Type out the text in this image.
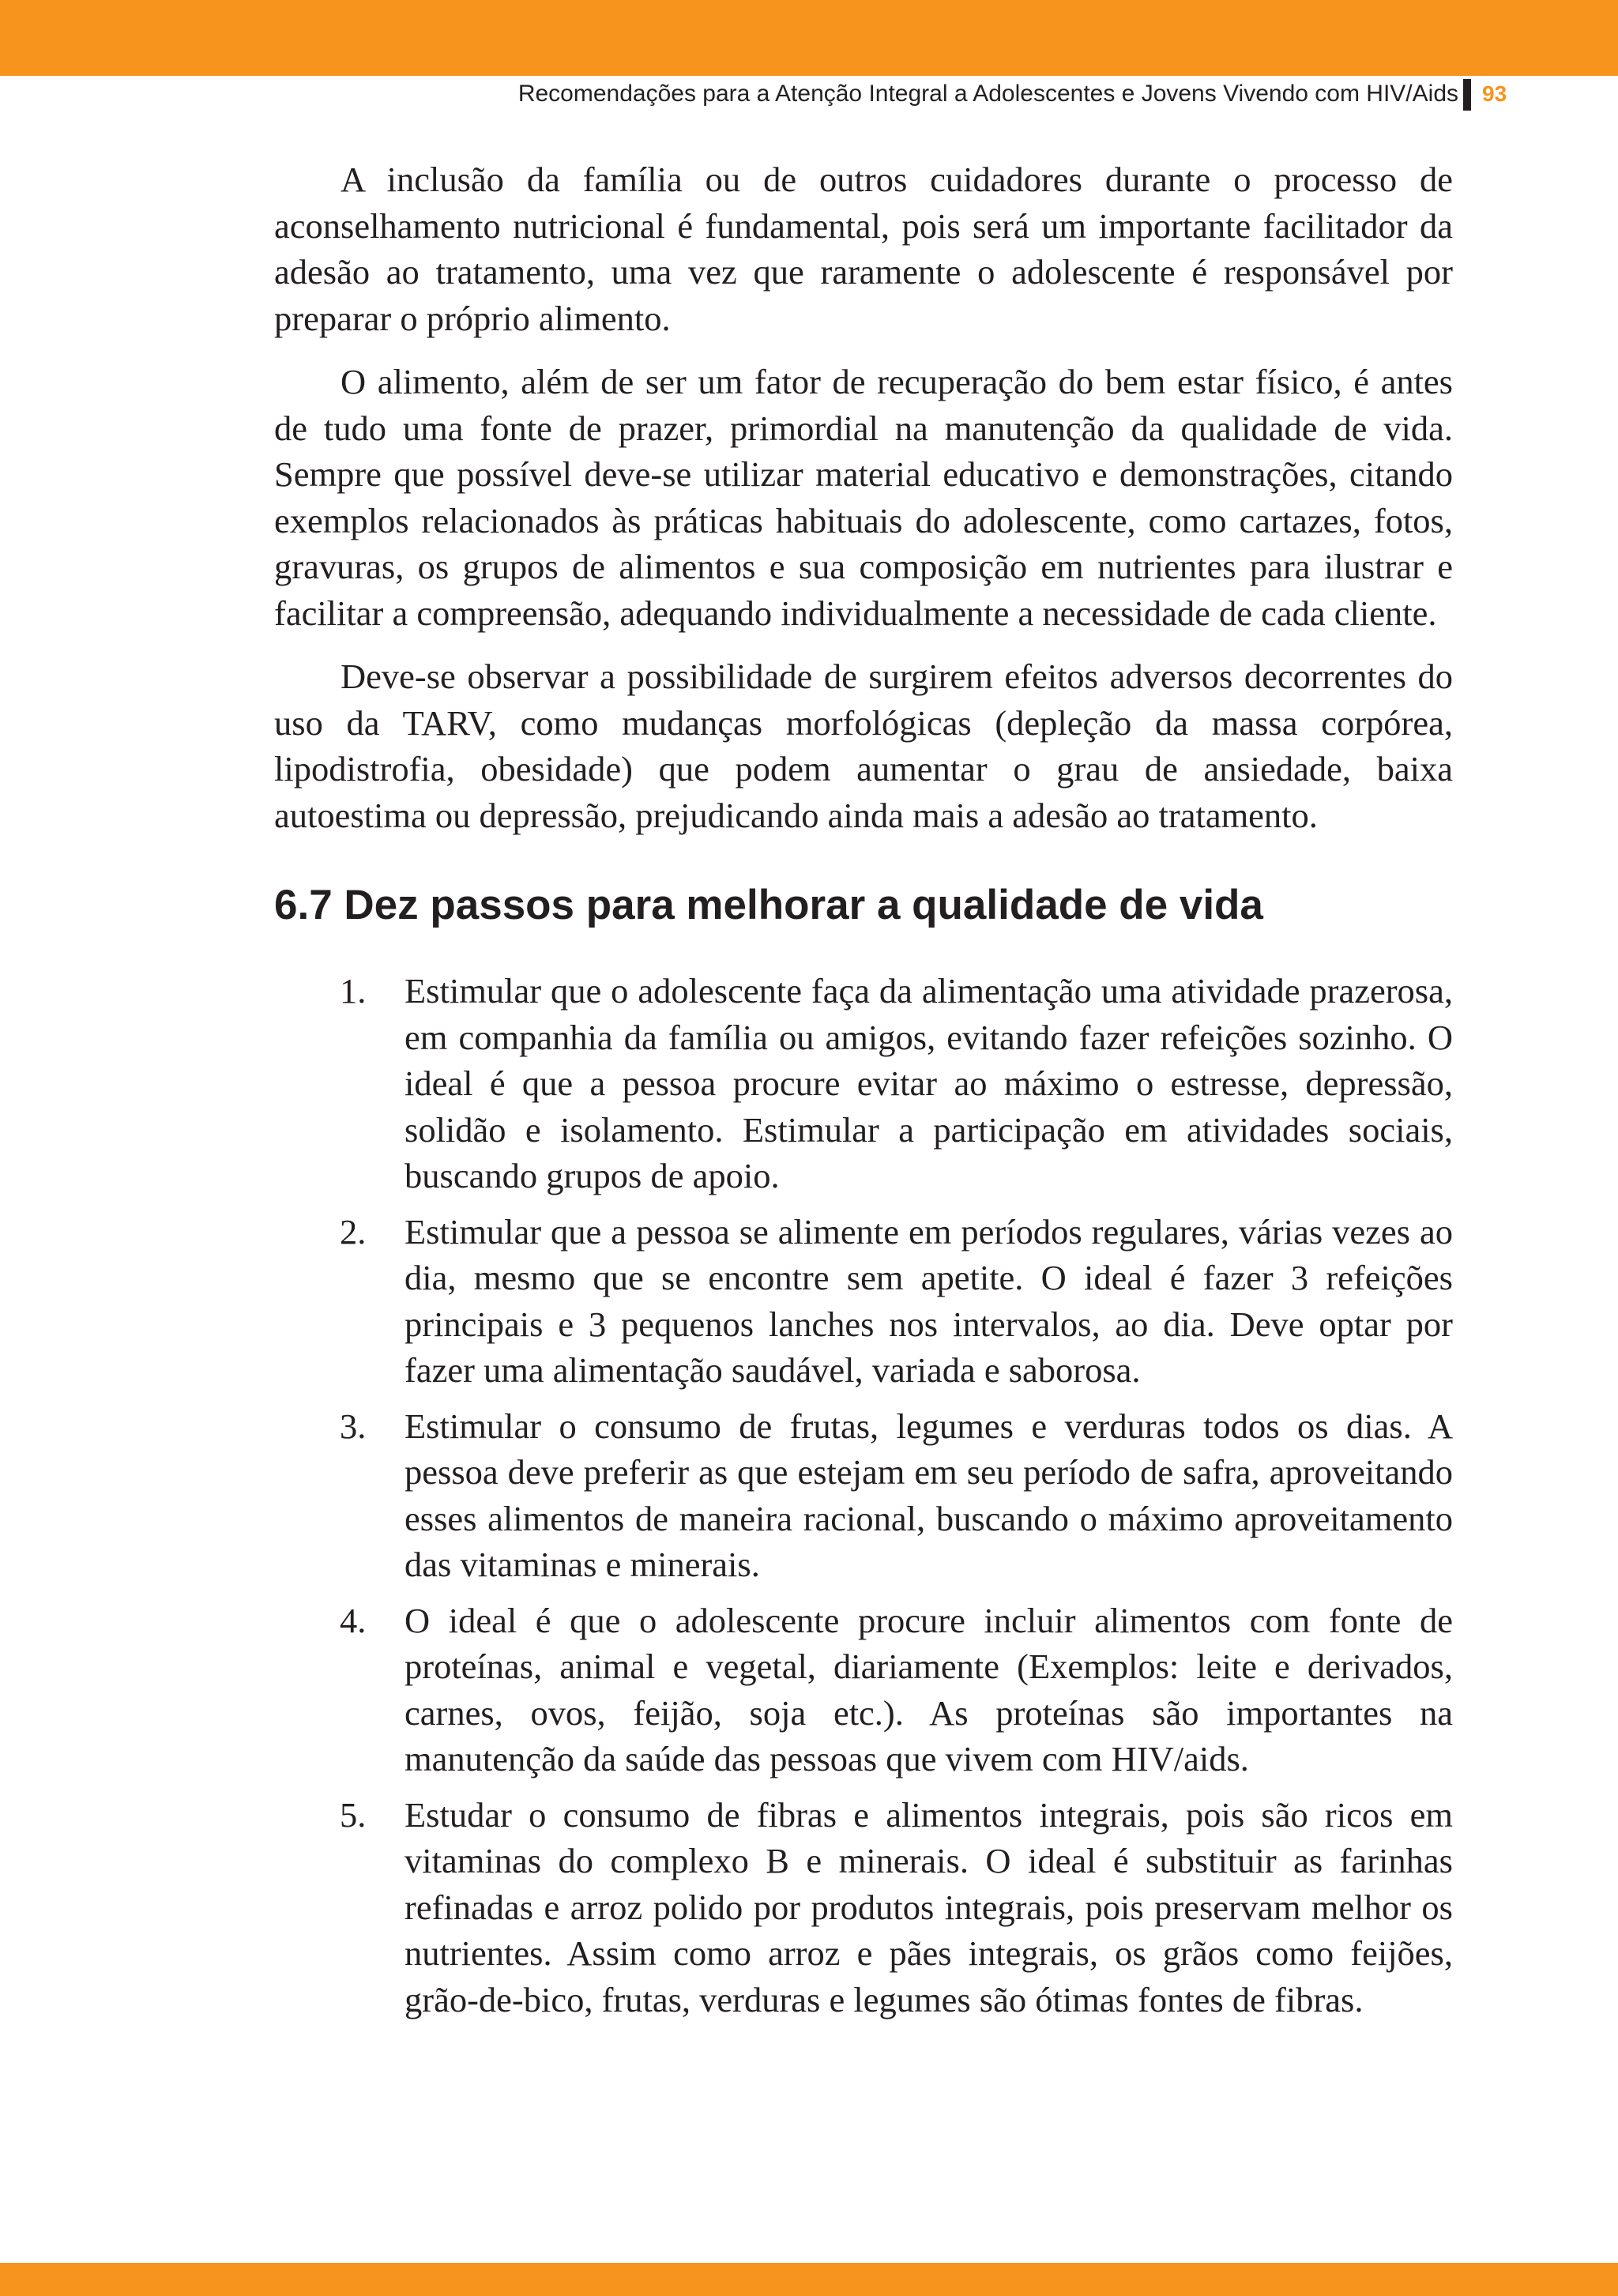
Recomendações para a Atenção Integral a Adolescentes e Jovens Vivendo com HIV/Aids 93

A inclusão da família ou de outros cuidadores durante o processo de aconselhamento nutricional é fundamental, pois será um importante facilitador da adesão ao tratamento, uma vez que raramente o adolescente é responsável por preparar o próprio alimento.

O alimento, além de ser um fator de recuperação do bem estar físico, é antes de tudo uma fonte de prazer, primordial na manutenção da qualidade de vida. Sempre que possível deve-se utilizar material educativo e demonstrações, citando exemplos relacionados às práticas habituais do adolescente, como cartazes, fotos, gravuras, os grupos de alimentos e sua composição em nutrientes para ilustrar e facilitar a compreensão, adequando individualmente a necessidade de cada cliente.

Deve-se observar a possibilidade de surgirem efeitos adversos decorrentes do uso da TARV, como mudanças morfológicas (depleção da massa corpórea, lipodistrofia, obesidade) que podem aumentar o grau de ansiedade, baixa autoestima ou depressão, prejudicando ainda mais a adesão ao tratamento.

6.7 Dez passos para melhorar a qualidade de vida
1. Estimular que o adolescente faça da alimentação uma atividade prazerosa, em companhia da família ou amigos, evitando fazer refeições sozinho. O ideal é que a pessoa procure evitar ao máximo o estresse, depressão, solidão e isolamento. Estimular a participação em atividades sociais, buscando grupos de apoio.
2. Estimular que a pessoa se alimente em períodos regulares, várias vezes ao dia, mesmo que se encontre sem apetite. O ideal é fazer 3 refeições principais e 3 pequenos lanches nos intervalos, ao dia. Deve optar por fazer uma alimentação saudável, variada e saborosa.
3. Estimular o consumo de frutas, legumes e verduras todos os dias. A pessoa deve preferir as que estejam em seu período de safra, aproveitando esses alimentos de maneira racional, buscando o máximo aproveitamento das vitaminas e minerais.
4. O ideal é que o adolescente procure incluir alimentos com fonte de proteínas, animal e vegetal, diariamente (Exemplos: leite e derivados, carnes, ovos, feijão, soja etc.). As proteínas são importantes na manutenção da saúde das pessoas que vivem com HIV/aids.
5. Estudar o consumo de fibras e alimentos integrais, pois são ricos em vitaminas do complexo B e minerais. O ideal é substituir as farinhas refinadas e arroz polido por produtos integrais, pois preservam melhor os nutrientes. Assim como arroz e pães integrais, os grãos como feijões, grão-de-bico, frutas, verduras e legumes são ótimas fontes de fibras.
